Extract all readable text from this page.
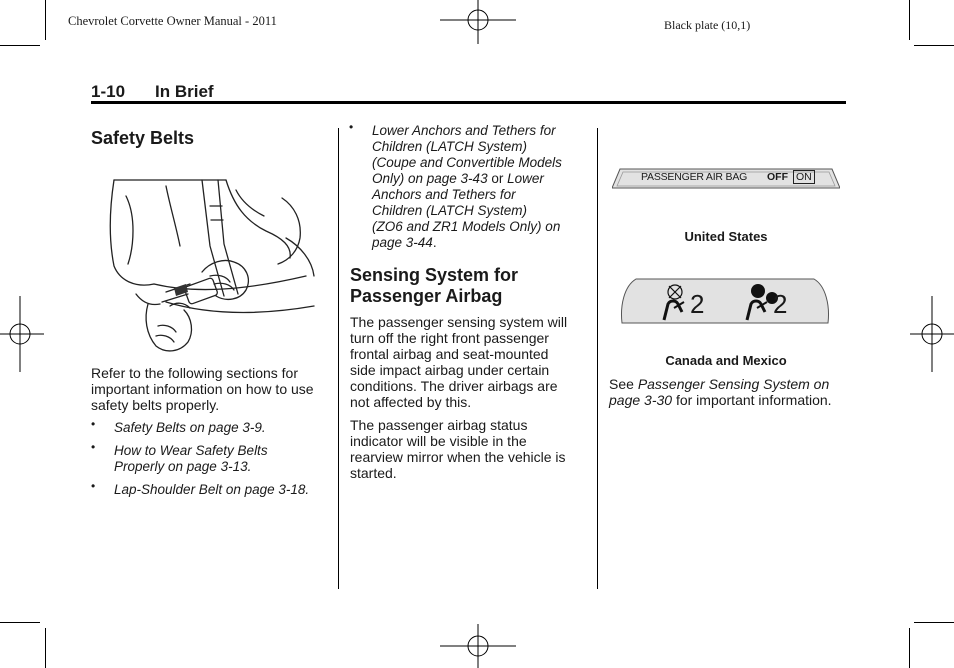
Chevrolet Corvette Owner Manual - 2011	Black plate (10,1)
1-10 In Brief
Safety Belts
Refer to the following sections for
important information on how to use
safety belts properly.
• Safety Belts on page 3-9.
• How to Wear Safety Belts
Properly on page 3-13.
• Lap-Shoulder Belt on page 3-18.
• Lower Anchors and Tethers for
Children (LATCH System)
(Coupe and Convertible Models
Only) on page 3-43 or Lower
Anchors and Tethers for
Children (LATCH System)
(ZO6 and ZR1 Models Only) on
page 3-44.
Sensing System for
Passenger Airbag
The passenger sensing system will
turn off the right front passenger
frontal airbag and seat-mounted
side impact airbag under certain
conditions. The driver airbags are
not affected by this.
The passenger airbag status
indicator will be visible in the
rearview mirror when the vehicle is
started.
PASSENGER AIR BAG OFF ON
United States
2	2
Canada and Mexico
See Passenger Sensing System on
page 3-30 for important information.
